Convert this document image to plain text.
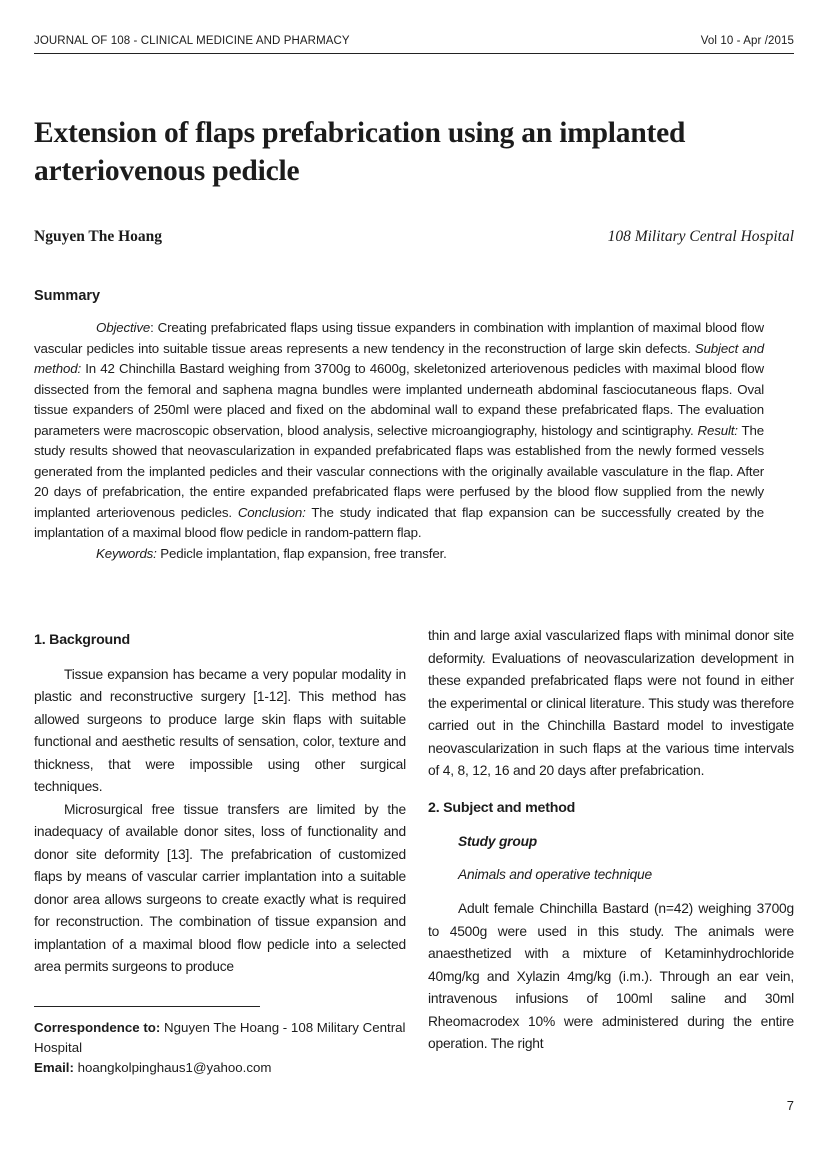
JOURNAL OF 108 - CLINICAL MEDICINE AND PHARMACY	Vol 10 - Apr /2015
Extension of flaps prefabrication using an implanted arteriovenous pedicle
Nguyen The Hoang	108 Military Central Hospital
Summary

Objective: Creating prefabricated flaps using tissue expanders in combination with implantion of maximal blood flow vascular pedicles into suitable tissue areas represents a new tendency in the reconstruction of large skin defects. Subject and method: In 42 Chinchilla Bastard weighing from 3700g to 4600g, skeletonized arteriovenous pedicles with maximal blood flow dissected from the femoral and saphena magna bundles were implanted underneath abdominal fasciocutaneous flaps. Oval tissue expanders of 250ml were placed and fixed on the abdominal wall to expand these prefabricated flaps. The evaluation parameters were macroscopic observation, blood analysis, selective microangiography, histology and scintigraphy. Result: The study results showed that neovascularization in expanded prefabricated flaps was established from the newly formed vessels generated from the implanted pedicles and their vascular connections with the originally available vasculature in the flap. After 20 days of prefabrication, the entire expanded prefabricated flaps were perfused by the blood flow supplied from the newly implanted arteriovenous pedicles. Conclusion: The study indicated that flap expansion can be successfully created by the implantation of a maximal blood flow pedicle in random-pattern flap.

Keywords: Pedicle implantation, flap expansion, free transfer.

1. Background

Tissue expansion has became a very popular modality in plastic and reconstructive surgery [1-12]. This method has allowed surgeons to produce large skin flaps with suitable functional and aesthetic results of sensation, color, texture and thickness, that were impossible using other surgical techniques.

Microsurgical free tissue transfers are limited by the inadequacy of available donor sites, loss of functionality and donor site deformity [13]. The prefabrication of customized flaps by means of vascular carrier implantation into a suitable donor area allows surgeons to create exactly what is required for reconstruction. The combination of tissue expansion and implantation of a maximal blood flow pedicle into a selected area permits surgeons to produce

thin and large axial vascularized flaps with minimal donor site deformity. Evaluations of neovascularization development in these expanded prefabricated flaps were not found in either the experimental or clinical literature. This study was therefore carried out in the Chinchilla Bastard model to investigate neovascularization in such flaps at the various time intervals of 4, 8, 12, 16 and 20 days after prefabrication.

2. Subject and method
Study group
Animals and operative technique

Adult female Chinchilla Bastard (n=42) weighing 3700g to 4500g were used in this study. The animals were anaesthetized with a mixture of Ketaminhydrochloride 40mg/kg and Xylazin 4mg/kg (i.m.). Through an ear vein, intravenous infusions of 100ml saline and 30ml Rheomacrodex 10% were administered during the entire operation. The right

Correspondence to: Nguyen The Hoang - 108 Military Central Hospital
Email: hoangkolpinghaus1@yahoo.com
7
